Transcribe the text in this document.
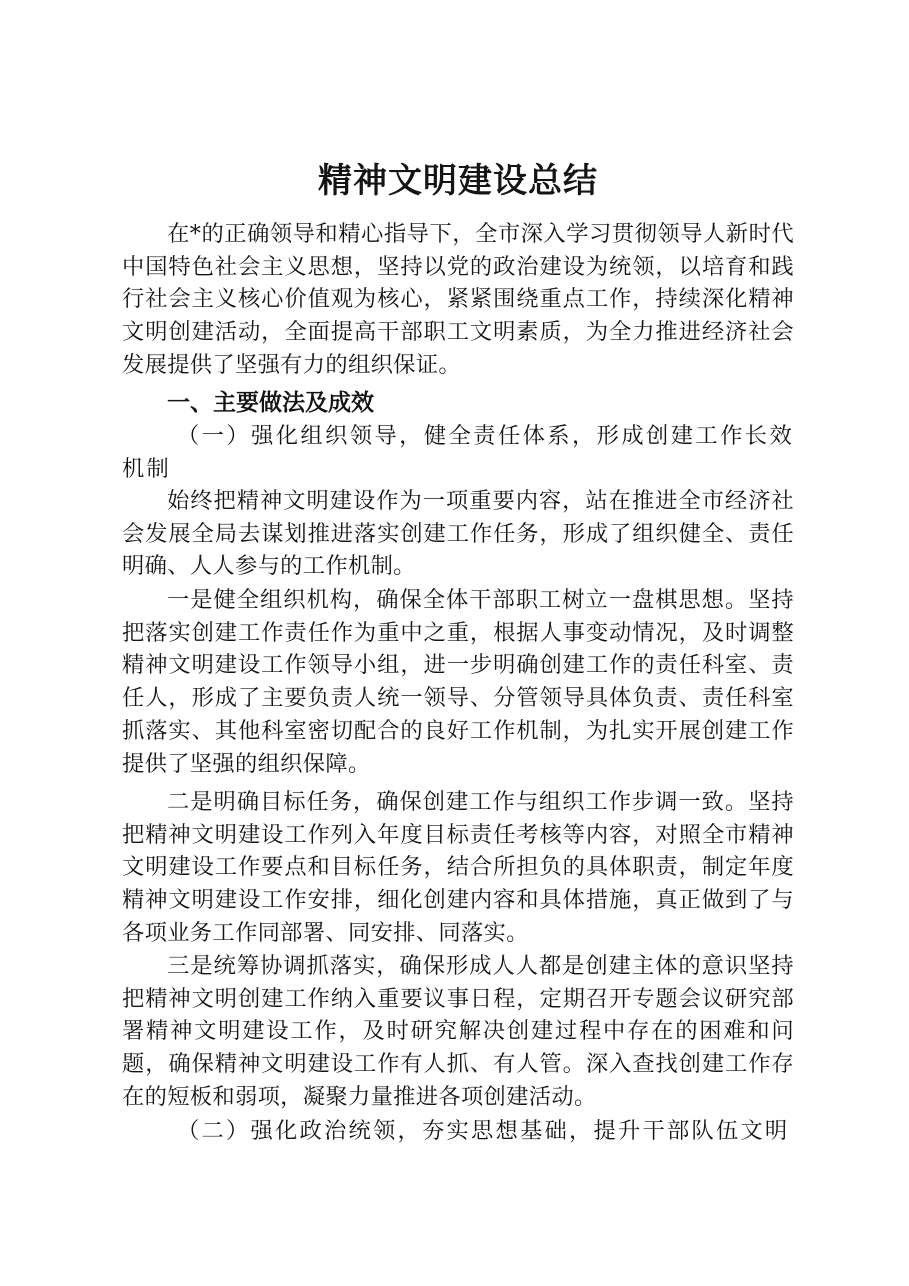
精神文明建设总结

在*的正确领导和精心指导下，全市深入学习贯彻领导人新时代中国特色社会主义思想，坚持以党的政治建设为统领，以培育和践行社会主义核心价值观为核心，紧紧围绕重点工作，持续深化精神文明创建活动，全面提高干部职工文明素质，为全力推进经济社会发展提供了坚强有力的组织保证。

一、主要做法及成效

（一）强化组织领导，健全责任体系，形成创建工作长效机制

始终把精神文明建设作为一项重要内容，站在推进全市经济社会发展全局去谋划推进落实创建工作任务，形成了组织健全、责任明确、人人参与的工作机制。

一是健全组织机构，确保全体干部职工树立一盘棋思想。坚持把落实创建工作责任作为重中之重，根据人事变动情况，及时调整精神文明建设工作领导小组，进一步明确创建工作的责任科室、责任人，形成了主要负责人统一领导、分管领导具体负责、责任科室抓落实、其他科室密切配合的良好工作机制，为扎实开展创建工作提供了坚强的组织保障。

二是明确目标任务，确保创建工作与组织工作步调一致。坚持把精神文明建设工作列入年度目标责任考核等内容，对照全市精神文明建设工作要点和目标任务，结合所担负的具体职责，制定年度精神文明建设工作安排，细化创建内容和具体措施，真正做到了与各项业务工作同部署、同安排、同落实。

三是统筹协调抓落实，确保形成人人都是创建主体的意识坚持把精神文明创建工作纳入重要议事日程，定期召开专题会议研究部署精神文明建设工作，及时研究解决创建过程中存在的困难和问题，确保精神文明建设工作有人抓、有人管。深入查找创建工作存在的短板和弱项，凝聚力量推进各项创建活动。

（二）强化政治统领，夯实思想基础，提升干部队伍文明
